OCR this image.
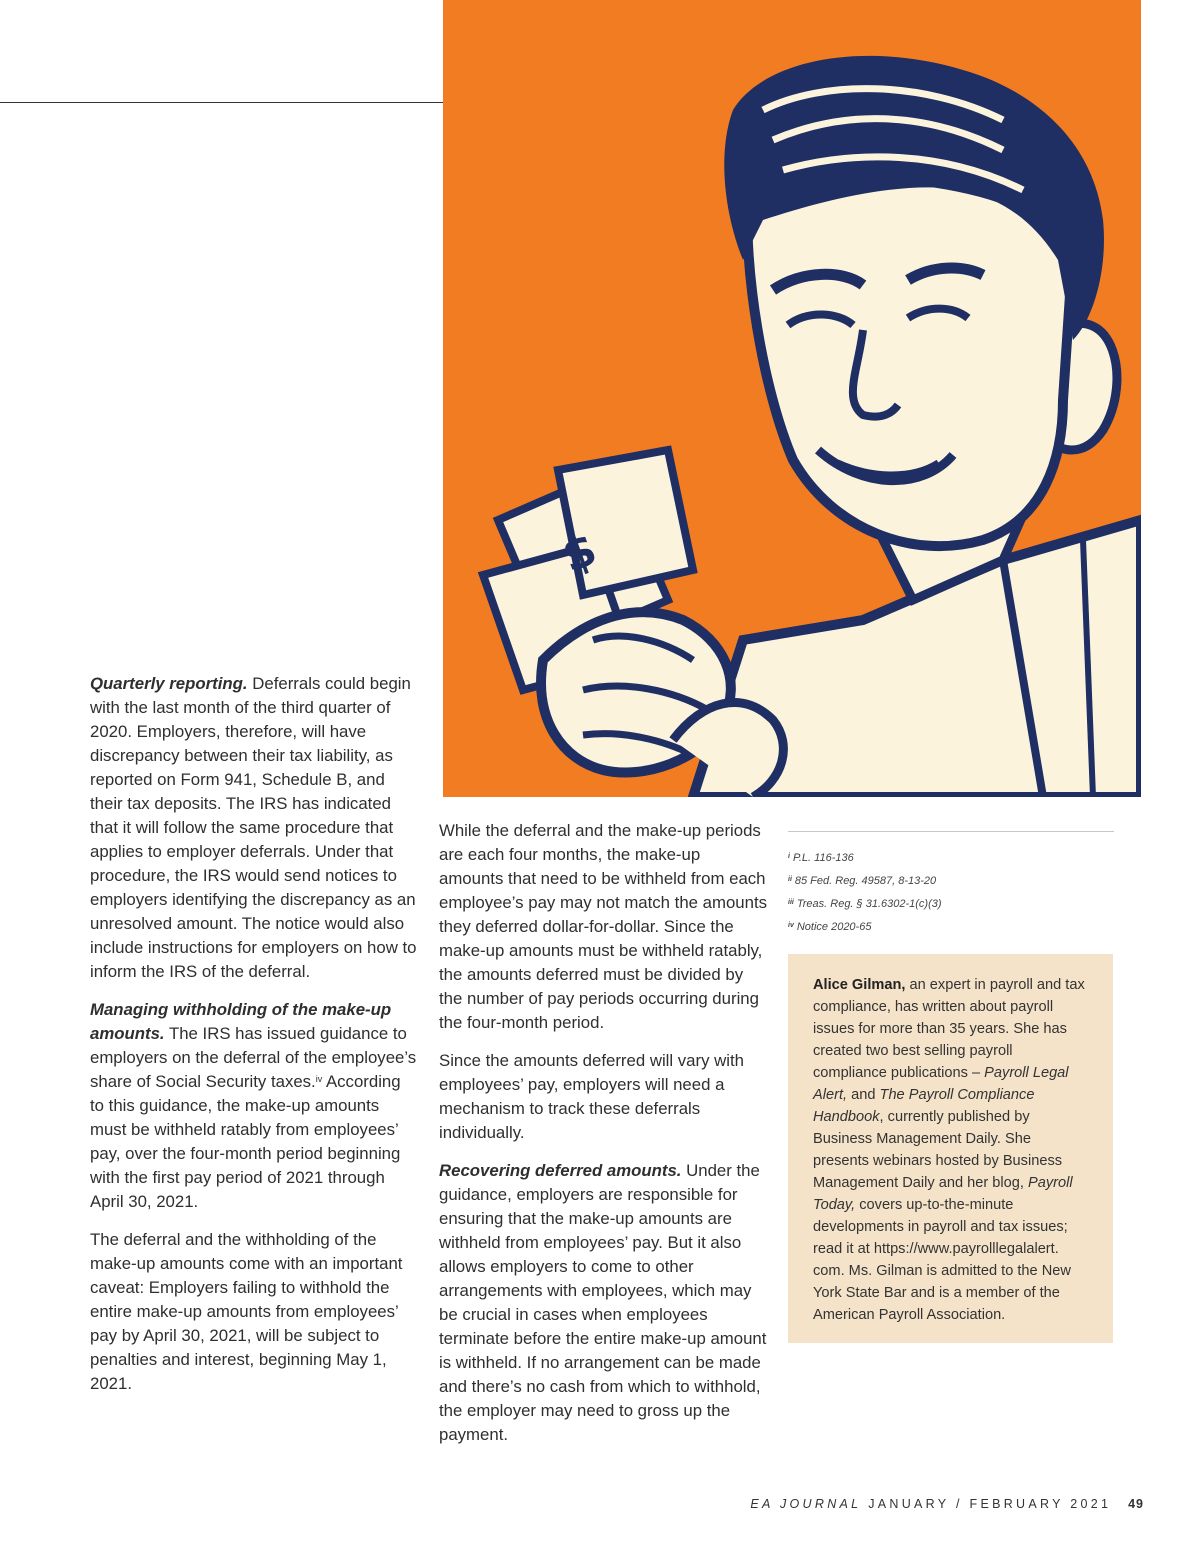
$

Quarterly reporting. Deferrals could begin with the last month of the third quarter of 2020. Employers, therefore, will have discrepancy between their tax liability, as reported on Form 941, Schedule B, and their tax deposits. The IRS has indicated that it will follow the same procedure that applies to employer deferrals. Under that procedure, the IRS would send notices to employers identifying the discrepancy as an unresolved amount. The notice would also include instructions for employers on how to inform the IRS of the deferral.

Managing withholding of the make-up amounts. The IRS has issued guidance to employers on the deferral of the employee’s share of Social Security taxes.$^{iv}$ According to this guidance, the make-up amounts must be withheld ratably from employees’ pay, over the four-month period beginning with the first pay period of 2021 through April 30, 2021.

The deferral and the withholding of the make-up amounts come with an important caveat: Employers failing to withhold the entire make-up amounts from employees’ pay by April 30, 2021, will be subject to penalties and interest, beginning May 1, 2021.

While the deferral and the make-up periods are each four months, the make-up amounts that need to be withheld from each employee’s pay may not match the amounts they deferred dollar-for-dollar. Since the make-up amounts must be withheld ratably, the amounts deferred must be divided by the number of pay periods occurring during the four-month period.

Since the amounts deferred will vary with employees’ pay, employers will need a mechanism to track these deferrals individually.

Recovering deferred amounts. Under the guidance, employers are responsible for ensuring that the make-up amounts are withheld from employees’ pay. But it also allows employers to come to other arrangements with employees, which may be crucial in cases when employees terminate before the entire make-up amount is withheld. If no arrangement can be made and there’s no cash from which to withhold, the employer may need to gross up the payment.

$^i$ P.L. 116-136
$^{ii}$ 85 Fed. Reg. 49587, 8-13-20
$^{iii}$ Treas. Reg. § 31.6302-1(c)(3)
$^{iv}$ Notice 2020-65

Alice Gilman, an expert in payroll and tax compliance, has written about payroll issues for more than 35 years. She has created two best selling payroll compliance publications – Payroll Legal Alert, and The Payroll Compliance Handbook, currently published by Business Management Daily. She presents webinars hosted by Business Management Daily and her blog, Payroll Today, covers up-to-the-minute developments in payroll and tax issues; read it at https://www.payrolllegalalert. com. Ms. Gilman is admitted to the New York State Bar and is a member of the American Payroll Association.

EA JOURNAL JANUARY / FEBRUARY 2021 49
